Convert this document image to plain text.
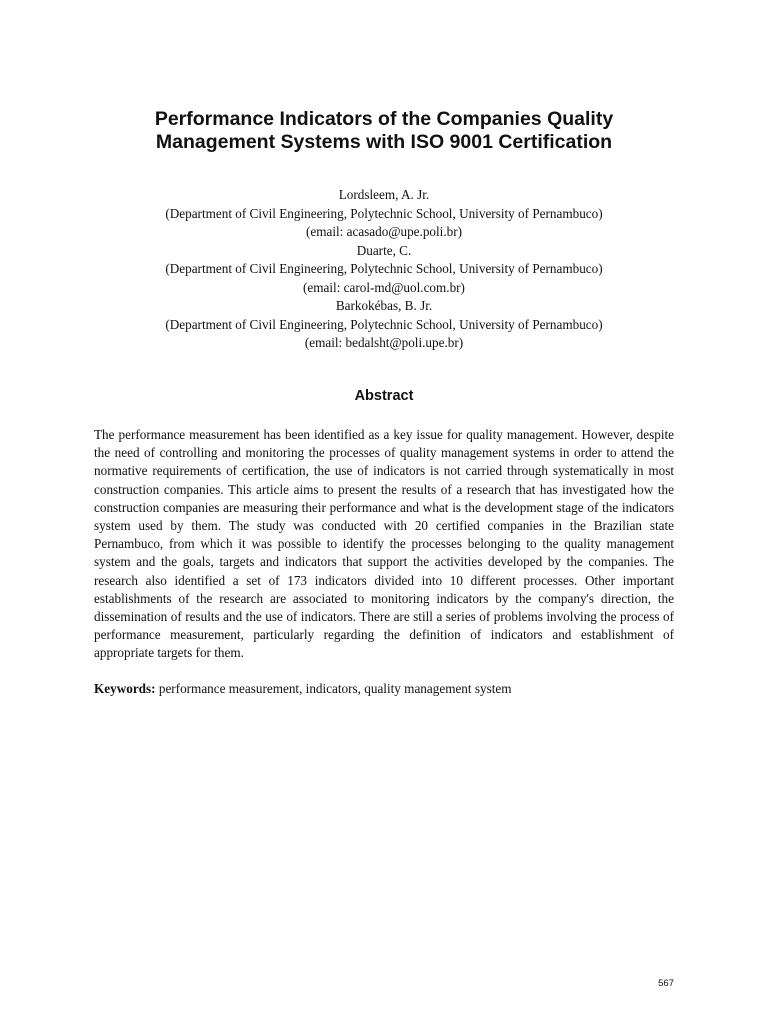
Performance Indicators of the Companies Quality
Management Systems with ISO 9001 Certification
Lordsleem, A. Jr.
(Department of Civil Engineering, Polytechnic School, University of Pernambuco)
(email: acasado@upe.poli.br)
Duarte, C.
(Department of Civil Engineering, Polytechnic School, University of Pernambuco)
(email: carol-md@uol.com.br)
Barkokébas, B. Jr.
(Department of Civil Engineering, Polytechnic School, University of Pernambuco)
(email: bedalsht@poli.upe.br)
Abstract

The performance measurement has been identified as a key issue for quality management. However, despite the need of controlling and monitoring the processes of quality management systems in order to attend the normative requirements of certification, the use of indicators is not carried through systematically in most construction companies. This article aims to present the results of a research that has investigated how the construction companies are measuring their performance and what is the development stage of the indicators system used by them. The study was conducted with 20 certified companies in the Brazilian state Pernambuco, from which it was possible to identify the processes belonging to the quality management system and the goals, targets and indicators that support the activities developed by the companies. The research also identified a set of 173 indicators divided into 10 different processes. Other important establishments of the research are associated to monitoring indicators by the company's direction, the dissemination of results and the use of indicators. There are still a series of problems involving the process of performance measurement, particularly regarding the definition of indicators and establishment of appropriate targets for them.

Keywords: performance measurement, indicators, quality management system

567
